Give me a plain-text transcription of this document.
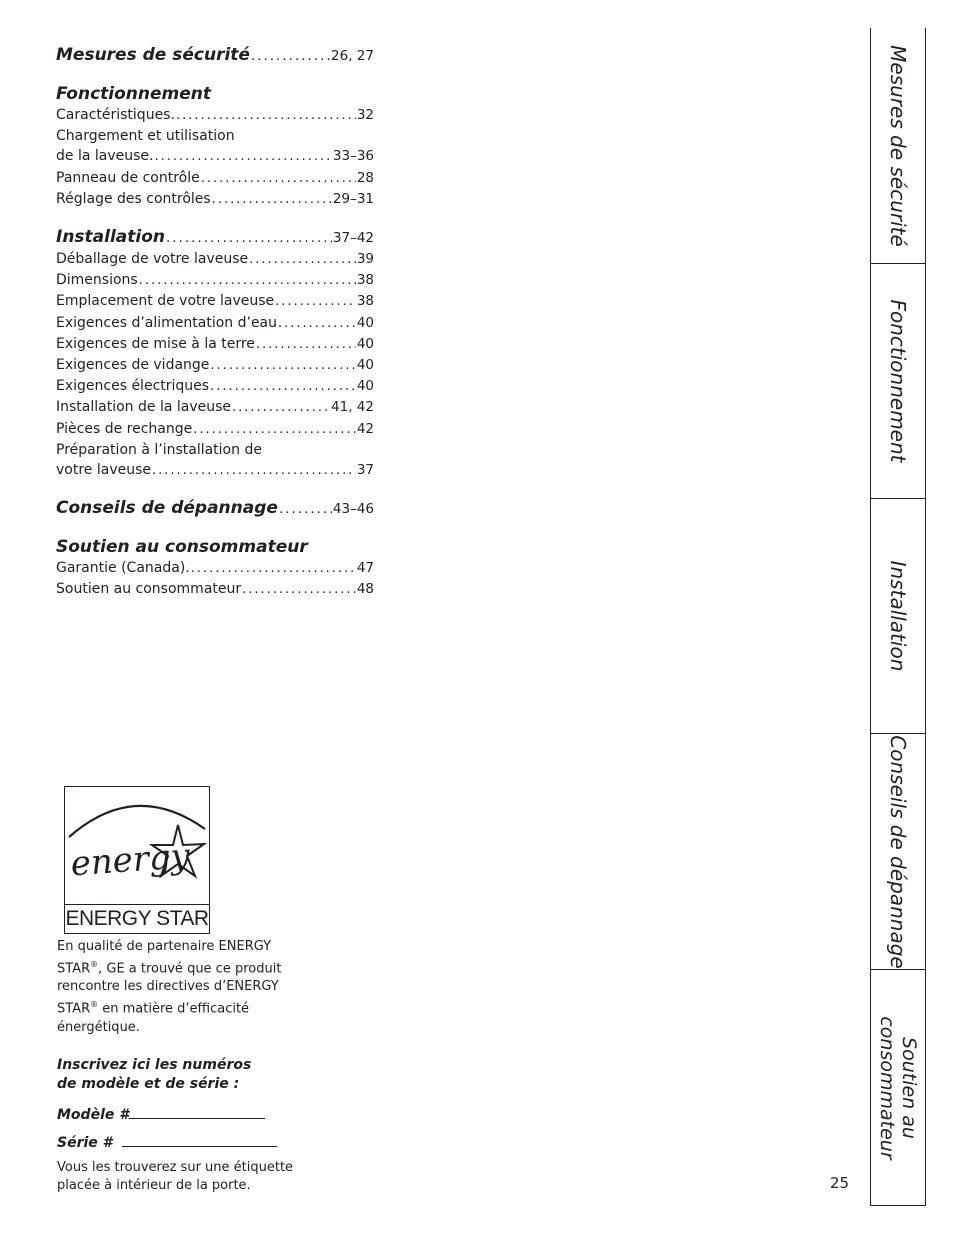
Mesures de sécurité .....	26, 27
Fonctionnement
Caractéristiques. .....	32
Chargement et utilisation
de la laveuse. .....	33–36
Panneau de contrôle .....	28
Réglage des contrôles .....	29–31
Installation .....	37–42
Déballage de votre laveuse .....	39
Dimensions .....	38
Emplacement de votre laveuse .....	38
Exigences d’alimentation d’eau .....	40
Exigences de mise à la terre .....	40
Exigences de vidange .....	40
Exigences électriques .....	40
Installation de la laveuse .....	41, 42
Pièces de rechange .....	42
Préparation à l’installation de
votre laveuse .....	37
Conseils de dépannage .....	43–46
Soutien au consommateur
Garantie (Canada). .....	47
Soutien au consommateur .....	48
energy
ENERGY STAR
En qualité de partenaire ENERGY STAR®, GE a trouvé que ce produit rencontre les directives d’ENERGY STAR® en matière d’efficacité énergétique.
Inscrivez ici les numéros
de modèle et de série :
Modèle #
Série #
Vous les trouverez sur une étiquette
placée à intérieur de la porte.	25
Mesures de sécurité
Fonctionnement
Installation
Conseils de dépannage
Soutien au
consommateur
